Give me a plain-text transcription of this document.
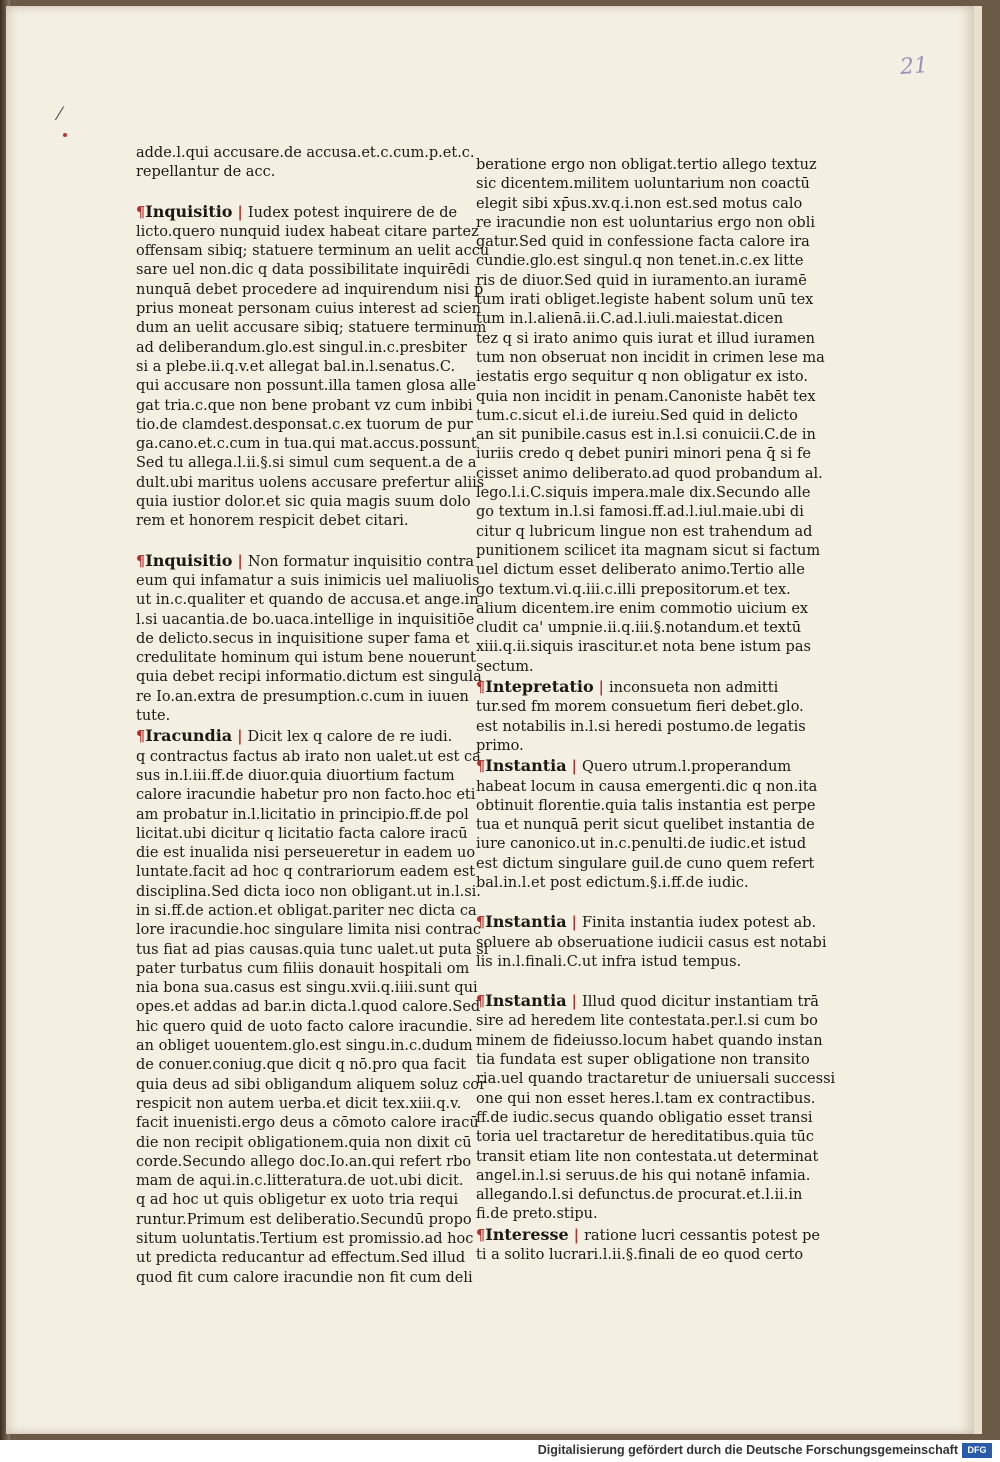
21
⁄
adde.l.qui accusare.de accusa.et.c.cum.p.et.c.
repellantur de acc.
¶Inquisitio | Iudex potest inquirere de de
licto.quero nunquid iudex habeat citare partez
offensam sibiq; statuere terminum an uelit accu
sare uel non.dic q data possibilitate inquirēdi
nunquā debet procedere ad inquirendum nisi p
prius moneat personam cuius interest ad scien
dum an uelit accusare sibiq; statuere terminum
ad deliberandum.glo.est singul.in.c.presbiter
si a plebe.ii.q.v.et allegat bal.in.l.senatus.C.
qui accusare non possunt.illa tamen glosa alle
gat tria.c.que non bene probant vz cum inbibi
tio.de clamdest.desponsat.c.ex tuorum de pur
ga.cano.et.c.cum in tua.qui mat.accus.possunt
Sed tu allega.l.ii.§.si simul cum sequent.a de a
dult.ubi maritus uolens accusare prefertur aliis
quia iustior dolor.et sic quia magis suum dolo
rem et honorem respicit debet citari.
¶Inquisitio | Non formatur inquisitio contra
eum qui infamatur a suis inimicis uel maliuolis
ut in.c.qualiter et quando de accusa.et ange.in
l.si uacantia.de bo.uaca.intellige in inquisitiōe
de delicto.secus in inquisitione super fama et
credulitate hominum qui istum bene nouerunt
quia debet recipi informatio.dictum est singula
re Io.an.extra de presumption.c.cum in iuuen
tute.
¶Iracundia | Dicit lex q calore de re iudi.
q contractus factus ab irato non ualet.ut est ca
sus in.l.iii.ff.de diuor.quia diuortium factum
calore iracundie habetur pro non facto.hoc eti
am probatur in.l.licitatio in principio.ff.de pol
licitat.ubi dicitur q licitatio facta calore iracū
die est inualida nisi perseueretur in eadem uo
luntate.facit ad hoc q contrariorum eadem est
disciplina.Sed dicta ioco non obligant.ut in.l.si.
in si.ff.de action.et obligat.pariter nec dicta ca
lore iracundie.hoc singulare limita nisi contrac
tus fiat ad pias causas.quia tunc ualet.ut puta si
pater turbatus cum filiis donauit hospitali om
nia bona sua.casus est singu.xvii.q.iiii.sunt qui
opes.et addas ad bar.in dicta.l.quod calore.Sed
hic quero quid de uoto facto calore iracundie.
an obliget uouentem.glo.est singu.in.c.dudum
de conuer.coniug.que dicit q nō.pro qua facit
quia deus ad sibi obligandum aliquem soluz cor
respicit non autem uerba.et dicit tex.xiii.q.v.
facit inuenisti.ergo deus a cōmoto calore iracū
die non recipit obligationem.quia non dixit cū
corde.Secundo allego doc.Io.an.qui refert rbo
mam de aqui.in.c.litteratura.de uot.ubi dicit.
q ad hoc ut quis obligetur ex uoto tria requi
runtur.Primum est deliberatio.Secundū propo
situm uoluntatis.Tertium est promissio.ad hoc
ut predicta reducantur ad effectum.Sed illud
quod fit cum calore iracundie non fit cum deli
beratione ergo non obligat.tertio allego textuz
sic dicentem.militem uoluntarium non coactū
elegit sibi xp̄us.xv.q.i.non est.sed motus calo
re iracundie non est uoluntarius ergo non obli
gatur.Sed quid in confessione facta calore ira
cundie.glo.est singul.q non tenet.in.c.ex litte
ris de diuor.Sed quid in iuramento.an iuramē
tum irati obliget.legiste habent solum unū tex
tum in.l.alienā.ii.C.ad.l.iuli.maiestat.dicen
tez q si irato animo quis iurat et illud iuramen
tum non obseruat non incidit in crimen lese ma
iestatis ergo sequitur q non obligatur ex isto.
quia non incidit in penam.Canoniste habēt tex
tum.c.sicut el.i.de iureiu.Sed quid in delicto
an sit punibile.casus est in.l.si conuicii.C.de in
iuriis credo q debet puniri minori pena q̄ si fe
cisset animo deliberato.ad quod probandum al.
lego.l.i.C.siquis impera.male dix.Secundo alle
go textum in.l.si famosi.ff.ad.l.iul.maie.ubi di
citur q lubricum lingue non est trahendum ad
punitionem scilicet ita magnam sicut si factum
uel dictum esset deliberato animo.Tertio alle
go textum.vi.q.iii.c.illi prepositorum.et tex.
alium dicentem.ire enim commotio uicium ex
cludit ca' umpnie.ii.q.iii.§.notandum.et textū
xiii.q.ii.siquis irascitur.et nota bene istum pas
sectum.
¶Intepretatio | inconsueta non admitti
tur.sed fm morem consuetum fieri debet.glo.
est notabilis in.l.si heredi postumo.de legatis
primo.
¶Instantia | Quero utrum.l.properandum
habeat locum in causa emergenti.dic q non.ita
obtinuit florentie.quia talis instantia est perpe
tua et nunquā perit sicut quelibet instantia de
iure canonico.ut in.c.penulti.de iudic.et istud
est dictum singulare guil.de cuno quem refert
bal.in.l.et post edictum.§.i.ff.de iudic.
¶Instantia | Finita instantia iudex potest ab.
soluere ab obseruatione iudicii casus est notabi
lis in.l.finali.C.ut infra istud tempus.
¶Instantia | Illud quod dicitur instantiam trā
sire ad heredem lite contestata.per.l.si cum bo
minem de fideiusso.locum habet quando instan
tia fundata est super obligatione non transito
ria.uel quando tractaretur de uniuersali successi
one qui non esset heres.l.tam ex contractibus.
ff.de iudic.secus quando obligatio esset transi
toria uel tractaretur de hereditatibus.quia tūc
transit etiam lite non contestata.ut determinat
angel.in.l.si seruus.de his qui notanē infamia.
allegando.l.si defunctus.de procurat.et.l.ii.in
fi.de preto.stipu.
¶Interesse | ratione lucri cessantis potest pe
ti a solito lucrari.l.ii.§.finali de eo quod certo
Digitalisierung gefördert durch die Deutsche Forschungsgemeinschaft	DFG
